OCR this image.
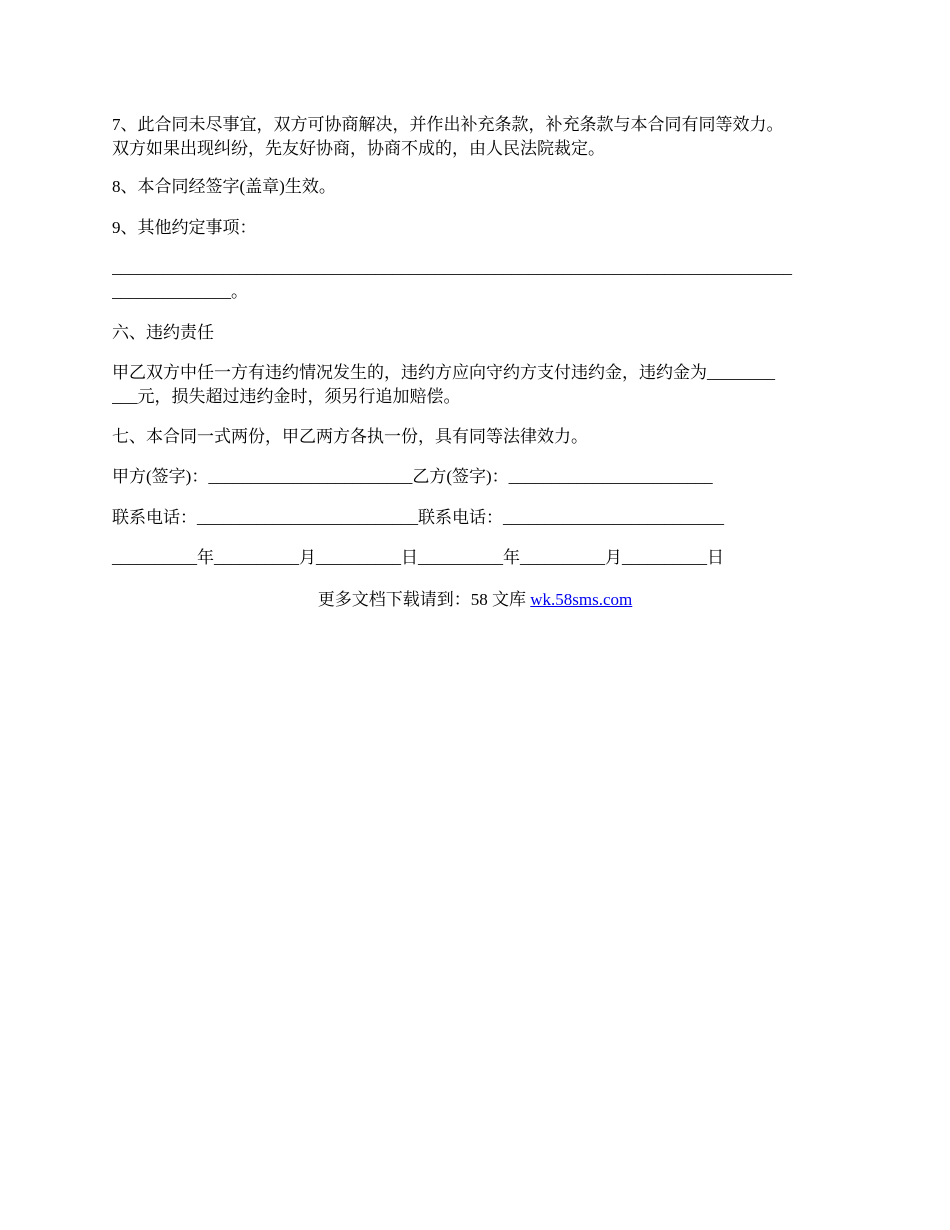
7、此合同未尽事宜，双方可协商解决，并作出补充条款，补充条款与本合同有同等效力。

双方如果出现纠纷，先友好协商，协商不成的，由人民法院裁定。

8、本合同经签字(盖章)生效。

9、其他约定事项：

________________________________________________________________________________

______________。

六、违约责任

甲乙双方中任一方有违约情况发生的，违约方应向守约方支付违约金，违约金为________

___元，损失超过违约金时，须另行追加赔偿。

七、本合同一式两份，甲乙两方各执一份，具有同等法律效力。

甲方(签字)：________________________乙方(签字)：________________________
联系电话：__________________________联系电话：__________________________
__________年__________月__________日__________年__________月__________日
更多文档下载请到：58 文库 wk.58sms.com
